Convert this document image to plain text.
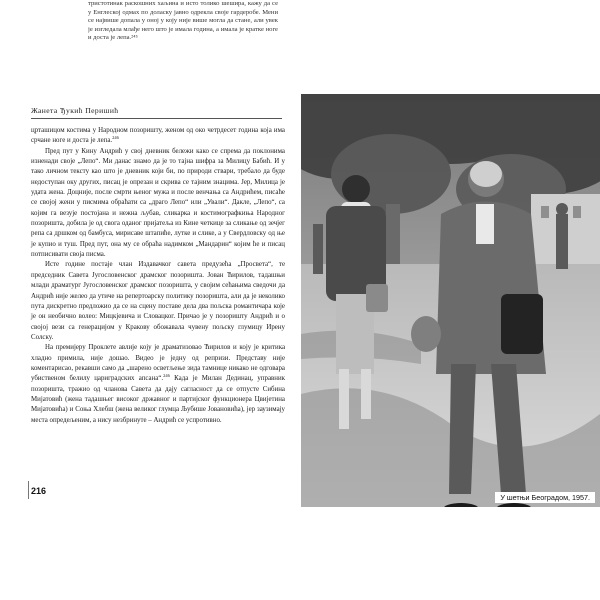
Жанета Ђукић Перишић

црташицом костима у Народном позоришту, женом од око четрдесет година која има срчане ноге и доста је лепа.$^{246}$

Пред пут у Кину Андрић у свој дневник бележи како се спрема да поклонима изненади своје „Лепо“. Ми данас знамо да је то тајна шифра за Милицу Бабић. И у тако личном тексту као што је дневник који би, по природи ствари, требало да буде недоступан оку других, писац је опрезан и скрива се тајним знацима. Јер, Милица је удата жена. Доцније, после смрти њеног мужа и после венчања са Андрићем, писаће се својој жени у писмима обраћати са „драго Лепо“ или „Ували“. Дакле, „Лепо“, са којим га везује постојана и нежна љубав, сликарка и костимографкиња Народног позоришта, добила је од свога оданог пријатеља из Кине четкице за сликање од зечјег репа са дршком од бамбуса, мирисаве штапиће, лутке и слике, а у Свердловску од ње је купио и туш. Пред пут, она му се обраћа надимком „Мандарин“ којим ће и писац потписивати своја писма.

Исте године постаје члан Издавачког савета предузећа „Просвета“, те председник Савета Југословенског драмског позоришта. Јован Ћирилов, тадашњи млади драматург Југословенског драмског позоришта, у својим сећањима сведочи да Андрић није желео да утиче на репертоарску политику позоришта, али да је неколико пута дискретно предложио да се на сцену поставе дела два пољска романтичара које је он необично волео: Мицкјевича и Словацког. Причао је у позоришту Андрић и о својој вези са генерацијом у Кракову обожавала чувену пољску глумицу Ирену Солску.

На премијеру Проклете авлије коју је драматизовао Ћирилов и коју је критика хладно примила, није дошао. Видео је једну од репризи. Представу није коментарисао, рекавши само да „шарено осветљење зида тамнице никако не одговара убиственом белилу цариградских апсана“.$^{246}$ Када је Милан Дединац, управник позоришта, тражио од чланова Савета да дају сагласност да се отпусте Сибина Мијатовић (жена тадашњег високог државног и партијског функционера Цвијетина Мијатовића) и Соња Хлебш (жена великог глумца Љубише Јовановића), јер заузимају места опредељеним, а нису незбринуте – Андрић се успротивно.

216
тристотинак раскошних хаљина и исто толико шешира, кажу да се у Енглеској одмах по доласку јавно одрекла своје гардеробе. Мени се највише допала у оној у коју није више могла да стане, али увек је изгледала млађе него што је имала година, а имала је кратке ноге и доста је лепа.²⁴⁵
У шетњи Београдом, 1957.
